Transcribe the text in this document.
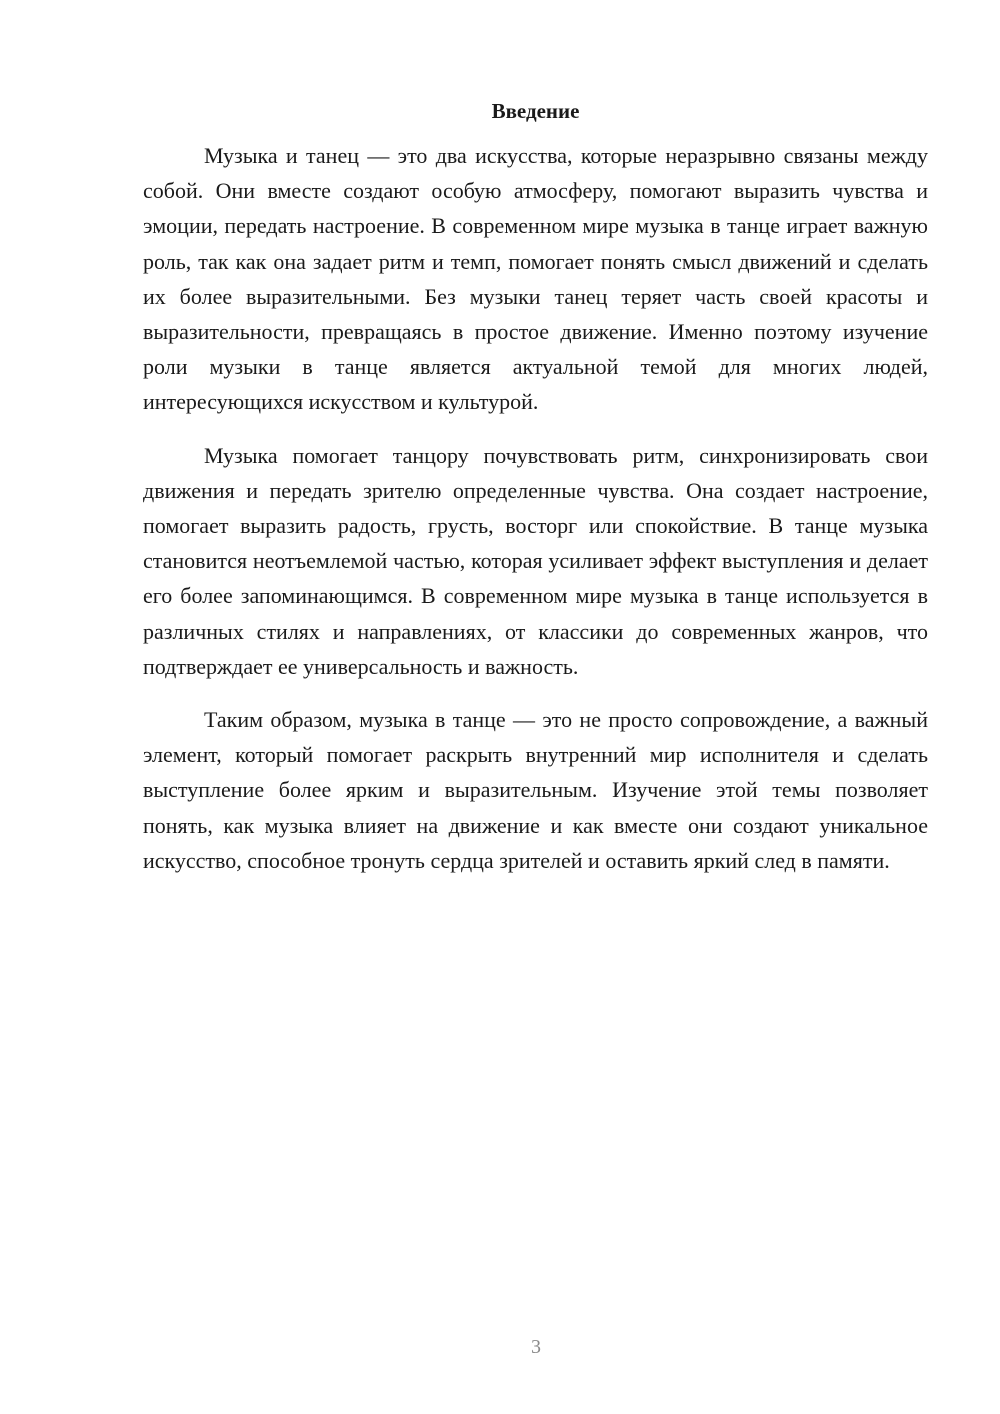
Введение

Музыка и танец — это два искусства, которые неразрывно связаны между собой. Они вместе создают особую атмосферу, помогают выразить чувства и эмоции, передать настроение. В современном мире музыка в танце играет важную роль, так как она задает ритм и темп, помогает понять смысл движений и сделать их более выразительными. Без музыки танец теряет часть своей красоты и выразительности, превращаясь в простое движение. Именно поэтому изучение роли музыки в танце является актуальной темой для многих людей, интересующихся искусством и культурой.

Музыка помогает танцору почувствовать ритм, синхронизировать свои движения и передать зрителю определенные чувства. Она создает настроение, помогает выразить радость, грусть, восторг или спокойствие. В танце музыка становится неотъемлемой частью, которая усиливает эффект выступления и делает его более запоминающимся. В современном мире музыка в танце используется в различных стилях и направлениях, от классики до современных жанров, что подтверждает ее универсальность и важность.

Таким образом, музыка в танце — это не просто сопровождение, а важный элемент, который помогает раскрыть внутренний мир исполнителя и сделать выступление более ярким и выразительным. Изучение этой темы позволяет понять, как музыка влияет на движение и как вместе они создают уникальное искусство, способное тронуть сердца зрителей и оставить яркий след в памяти.

3
